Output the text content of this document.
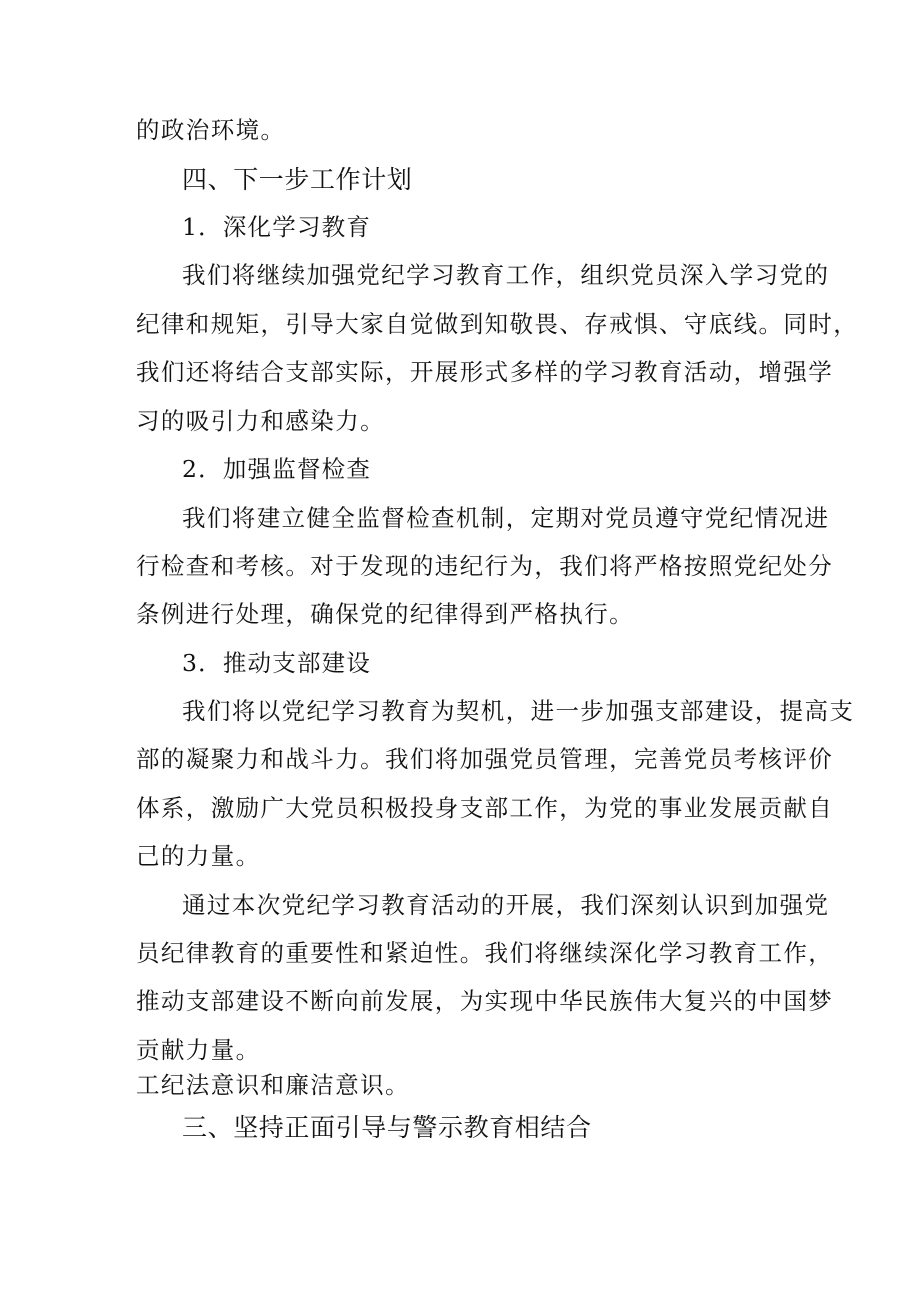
的政治环境。
四、下一步工作计划
1．深化学习教育
我们将继续加强党纪学习教育工作，组织党员深入学习党的
纪律和规矩，引导大家自觉做到知敬畏、存戒惧、守底线。同时，
我们还将结合支部实际，开展形式多样的学习教育活动，增强学
习的吸引力和感染力。
2．加强监督检查
我们将建立健全监督检查机制，定期对党员遵守党纪情况进
行检查和考核。对于发现的违纪行为，我们将严格按照党纪处分
条例进行处理，确保党的纪律得到严格执行。
3．推动支部建设
我们将以党纪学习教育为契机，进一步加强支部建设，提高支
部的凝聚力和战斗力。我们将加强党员管理，完善党员考核评价
体系，激励广大党员积极投身支部工作，为党的事业发展贡献自
己的力量。
通过本次党纪学习教育活动的开展，我们深刻认识到加强党
员纪律教育的重要性和紧迫性。我们将继续深化学习教育工作，
推动支部建设不断向前发展，为实现中华民族伟大复兴的中国梦
贡献力量。
工纪法意识和廉洁意识。
三、坚持正面引导与警示教育相结合
